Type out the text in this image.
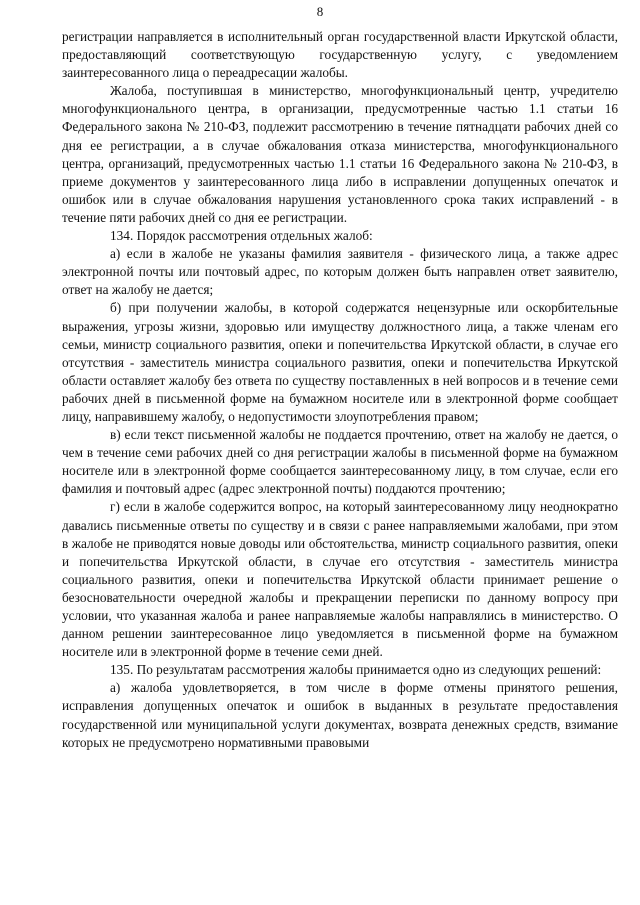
8

регистрации направляется в исполнительный орган государственной власти Иркутской области, предоставляющий соответствующую государственную услугу, с уведомлением заинтересованного лица о переадресации жалобы.

Жалоба, поступившая в министерство, многофункциональный центр, учредителю многофункционального центра, в организации, предусмотренные частью 1.1 статьи 16 Федерального закона № 210-ФЗ, подлежит рассмотрению в течение пятнадцати рабочих дней со дня ее регистрации, а в случае обжалования отказа министерства, многофункционального центра, организаций, предусмотренных частью 1.1 статьи 16 Федерального закона № 210-ФЗ, в приеме документов у заинтересованного лица либо в исправлении допущенных опечаток и ошибок или в случае обжалования нарушения установленного срока таких исправлений - в течение пяти рабочих дней со дня ее регистрации.

134. Порядок рассмотрения отдельных жалоб:

а) если в жалобе не указаны фамилия заявителя - физического лица, а также адрес электронной почты или почтовый адрес, по которым должен быть направлен ответ заявителю, ответ на жалобу не дается;

б) при получении жалобы, в которой содержатся нецензурные или оскорбительные выражения, угрозы жизни, здоровью или имуществу должностного лица, а также членам его семьи, министр социального развития, опеки и попечительства Иркутской области, в случае его отсутствия - заместитель министра социального развития, опеки и попечительства Иркутской области оставляет жалобу без ответа по существу поставленных в ней вопросов и в течение семи рабочих дней в письменной форме на бумажном носителе или в электронной форме сообщает лицу, направившему жалобу, о недопустимости злоупотребления правом;

в) если текст письменной жалобы не поддается прочтению, ответ на жалобу не дается, о чем в течение семи рабочих дней со дня регистрации жалобы в письменной форме на бумажном носителе или в электронной форме сообщается заинтересованному лицу, в том случае, если его фамилия и почтовый адрес (адрес электронной почты) поддаются прочтению;

г) если в жалобе содержится вопрос, на который заинтересованному лицу неоднократно давались письменные ответы по существу и в связи с ранее направляемыми жалобами, при этом в жалобе не приводятся новые доводы или обстоятельства, министр социального развития, опеки и попечительства Иркутской области, в случае его отсутствия - заместитель министра социального развития, опеки и попечительства Иркутской области принимает решение о безосновательности очередной жалобы и прекращении переписки по данному вопросу при условии, что указанная жалоба и ранее направляемые жалобы направлялись в министерство. О данном решении заинтересованное лицо уведомляется в письменной форме на бумажном носителе или в электронной форме в течение семи дней.

135. По результатам рассмотрения жалобы принимается одно из следующих решений:

а) жалоба удовлетворяется, в том числе в форме отмены принятого решения, исправления допущенных опечаток и ошибок в выданных в результате предоставления государственной или муниципальной услуги документах, возврата денежных средств, взимание которых не предусмотрено нормативными правовыми
